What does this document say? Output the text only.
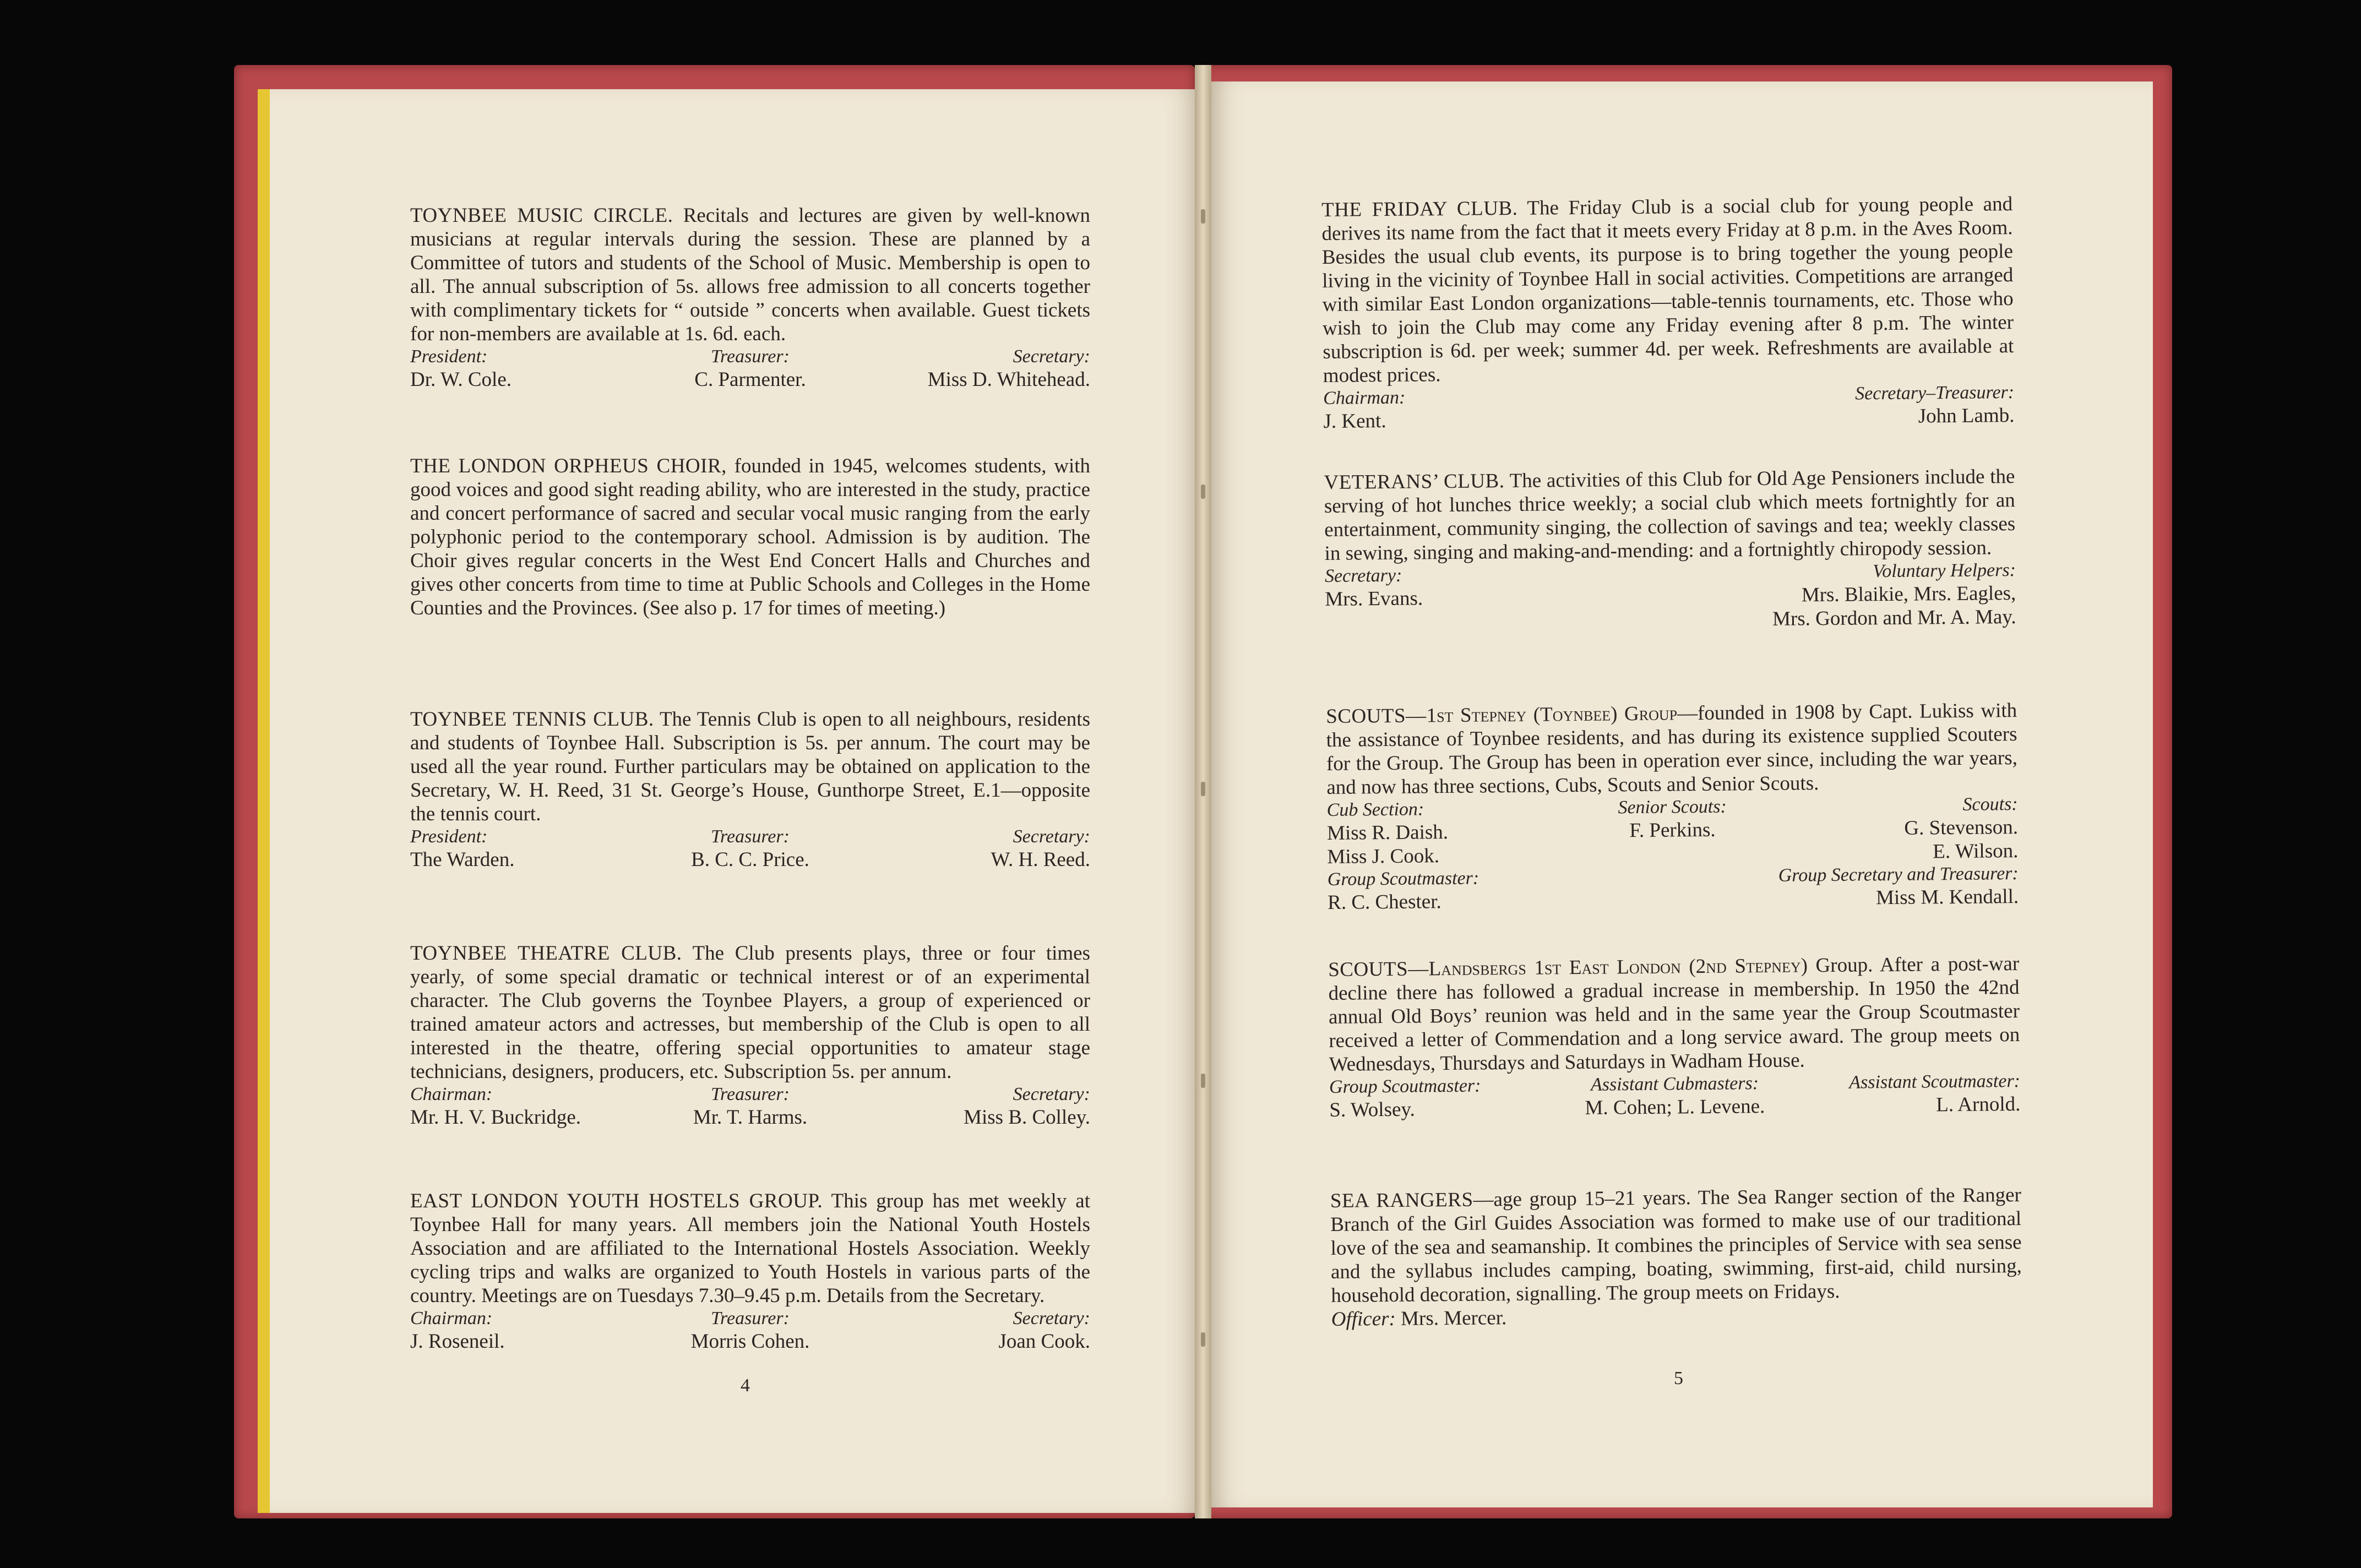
TOYNBEE MUSIC CIRCLE. Recitals and lectures are given by well-known musicians at regular intervals during the session. These are planned by a Committee of tutors and students of the School of Music. Membership is open to all. The annual subscription of 5s. allows free admission to all concerts together with complimentary tickets for “ outside ” concerts when available. Guest tickets for non-members are available at 1s. 6d. each.

President:
Dr. W. Cole.
Treasurer:
C. Parmenter.
Secretary:
Miss D. Whitehead.

THE LONDON ORPHEUS CHOIR, founded in 1945, welcomes students, with good voices and good sight reading ability, who are interested in the study, practice and concert performance of sacred and secular vocal music ranging from the early polyphonic period to the contemporary school. Admission is by audition. The Choir gives regular concerts in the West End Concert Halls and Churches and gives other concerts from time to time at Public Schools and Colleges in the Home Counties and the Provinces. (See also p. 17 for times of meeting.)

TOYNBEE TENNIS CLUB. The Tennis Club is open to all neighbours, residents and students of Toynbee Hall. Subscription is 5s. per annum. The court may be used all the year round. Further particulars may be obtained on application to the Secretary, W. H. Reed, 31 St. George’s House, Gunthorpe Street, E.1—opposite the tennis court.

President:
The Warden.
Treasurer:
B. C. C. Price.
Secretary:
W. H. Reed.

TOYNBEE THEATRE CLUB. The Club presents plays, three or four times yearly, of some special dramatic or technical interest or of an experimental character. The Club governs the Toynbee Players, a group of experienced or trained amateur actors and actresses, but membership of the Club is open to all interested in the theatre, offering special opportunities to amateur stage technicians, designers, producers, etc. Subscription 5s. per annum.

Chairman:
Mr. H. V. Buckridge.
Treasurer:
Mr. T. Harms.
Secretary:
Miss B. Colley.

EAST LONDON YOUTH HOSTELS GROUP. This group has met weekly at Toynbee Hall for many years. All members join the National Youth Hostels Association and are affiliated to the International Hostels Association. Weekly cycling trips and walks are organized to Youth Hostels in various parts of the country. Meetings are on Tuesdays 7.30–9.45 p.m. Details from the Secretary.

Chairman:
J. Roseneil.
Treasurer:
Morris Cohen.
Secretary:
Joan Cook.
4

THE FRIDAY CLUB. The Friday Club is a social club for young people and derives its name from the fact that it meets every Friday at 8 p.m. in the Aves Room. Besides the usual club events, its purpose is to bring together the young people living in the vicinity of Toynbee Hall in social activities. Competitions are arranged with similar East London organizations—table-tennis tournaments, etc. Those who wish to join the Club may come any Friday evening after 8 p.m. The winter subscription is 6d. per week; summer 4d. per week. Refreshments are available at modest prices.

Chairman:
J. Kent.
Secretary–Treasurer:
John Lamb.

VETERANS’ CLUB. The activities of this Club for Old Age Pensioners include the serving of hot lunches thrice weekly; a social club which meets fortnightly for an entertainment, community singing, the collection of savings and tea; weekly classes in sewing, singing and making-and-mending: and a fortnightly chiropody session.

Secretary:
Mrs. Evans.
Voluntary Helpers:
Mrs. Blaikie, Mrs. Eagles,
Mrs. Gordon and Mr. A. May.

SCOUTS—1st Stepney (Toynbee) Group—founded in 1908 by Capt. Lukiss with the assistance of Toynbee residents, and has during its existence supplied Scouters for the Group. The Group has been in operation ever since, including the war years, and now has three sections, Cubs, Scouts and Senior Scouts.

Cub Section:
Miss R. Daish.
Miss J. Cook.
Senior Scouts:
F. Perkins.
Scouts:
G. Stevenson.
E. Wilson.
Group Scoutmaster:
R. C. Chester.
Group Secretary and Treasurer:
Miss M. Kendall.

SCOUTS—Landsbergs 1st East London (2nd Stepney) Group. After a post-war decline there has followed a gradual increase in membership. In 1950 the 42nd annual Old Boys’ reunion was held and in the same year the Group Scoutmaster received a letter of Commendation and a long service award. The group meets on Wednesdays, Thursdays and Saturdays in Wadham House.

Group Scoutmaster:
S. Wolsey.
Assistant Cubmasters:
M. Cohen; L. Levene.
Assistant Scoutmaster:
L. Arnold.

SEA RANGERS—age group 15–21 years. The Sea Ranger section of the Ranger Branch of the Girl Guides Association was formed to make use of our traditional love of the sea and seamanship. It combines the principles of Service with sea sense and the syllabus includes camping, boating, swimming, first-aid, child nursing, household decoration, signalling. The group meets on Fridays.

Officer: Mrs. Mercer.

5
